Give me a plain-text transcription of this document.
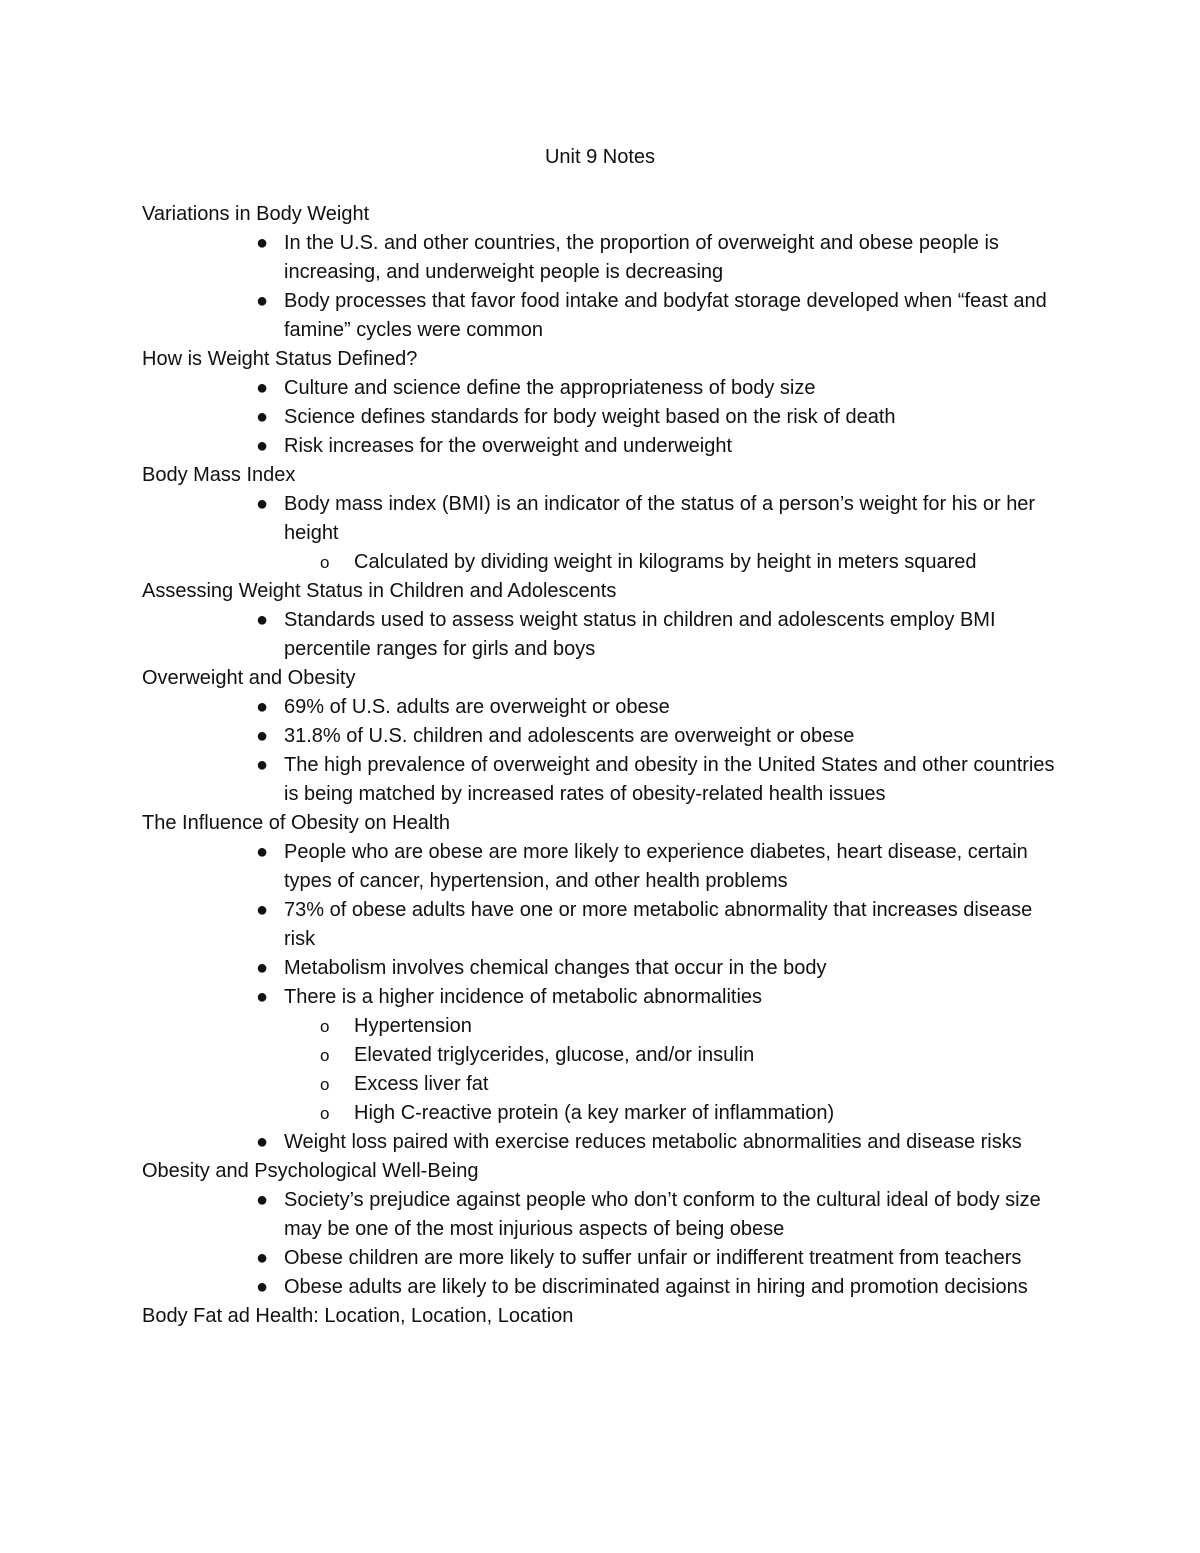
Unit 9 Notes
Variations in Body Weight
● In the U.S. and other countries, the proportion of overweight and obese people is increasing, and underweight people is decreasing
● Body processes that favor food intake and bodyfat storage developed when “feast and famine” cycles were common
How is Weight Status Defined?
● Culture and science define the appropriateness of body size
● Science defines standards for body weight based on the risk of death
● Risk increases for the overweight and underweight
Body Mass Index
● Body mass index (BMI) is an indicator of the status of a person’s weight for his or her height
o Calculated by dividing weight in kilograms by height in meters squared
Assessing Weight Status in Children and Adolescents
● Standards used to assess weight status in children and adolescents employ BMI percentile ranges for girls and boys
Overweight and Obesity
● 69% of U.S. adults are overweight or obese
● 31.8% of U.S. children and adolescents are overweight or obese
● The high prevalence of overweight and obesity in the United States and other countries is being matched by increased rates of obesity-related health issues
The Influence of Obesity on Health
● People who are obese are more likely to experience diabetes, heart disease, certain types of cancer, hypertension, and other health problems
● 73% of obese adults have one or more metabolic abnormality that increases disease risk
● Metabolism involves chemical changes that occur in the body
● There is a higher incidence of metabolic abnormalities
o Hypertension
o Elevated triglycerides, glucose, and/or insulin
o Excess liver fat
o High C-reactive protein (a key marker of inflammation)
● Weight loss paired with exercise reduces metabolic abnormalities and disease risks
Obesity and Psychological Well-Being
● Society’s prejudice against people who don’t conform to the cultural ideal of body size may be one of the most injurious aspects of being obese
● Obese children are more likely to suffer unfair or indifferent treatment from teachers
● Obese adults are likely to be discriminated against in hiring and promotion decisions
Body Fat ad Health: Location, Location, Location
